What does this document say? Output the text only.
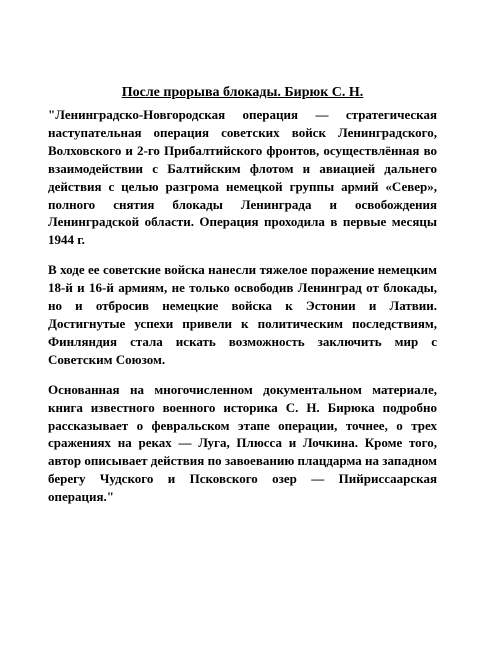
После прорыва блокады. Бирюк С. Н.

"Ленинградско-Новгородская операция — стратегическая наступательная операция советских войск Ленинградского, Волховского и 2-го Прибалтийского фронтов, осуществлённая во взаимодействии с Балтийским флотом и авиацией дальнего действия с целью разгрома немецкой группы армий «Север», полного снятия блокады Ленинграда и освобождения Ленинградской области. Операция проходила в первые месяцы 1944 г.

В ходе ее советские войска нанесли тяжелое поражение немецким 18-й и 16-й армиям, не только освободив Ленинград от блокады, но и отбросив немецкие войска к Эстонии и Латвии. Достигнутые успехи привели к политическим последствиям, Финляндия стала искать возможность заключить мир с Советским Союзом.

Основанная на многочисленном документальном материале, книга известного военного историка С. Н. Бирюка подробно рассказывает о февральском этапе операции, точнее, о трех сражениях на реках — Луга, Плюсса и Лочкина. Кроме того, автор описывает действия по завоеванию плацдарма на западном берегу Чудского и Псковского озер — Пийриссаарская операция."
